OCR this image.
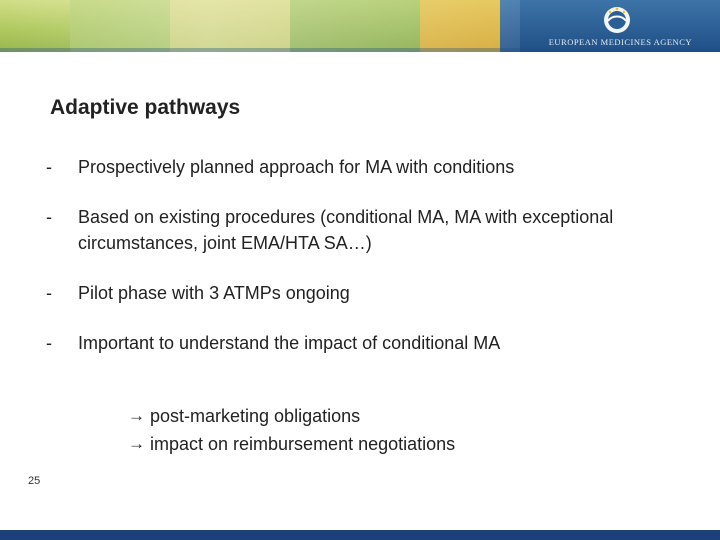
EUROPEAN MEDICINES AGENCY
Adaptive pathways
-	Prospectively planned approach for MA with conditions
-	Based on existing procedures (conditional MA, MA with exceptional circumstances, joint EMA/HTA SA…)
-	Pilot phase with 3 ATMPs ongoing
-	Important to understand the impact of conditional MA
→ post-marketing obligations
→ impact on reimbursement negotiations
25
